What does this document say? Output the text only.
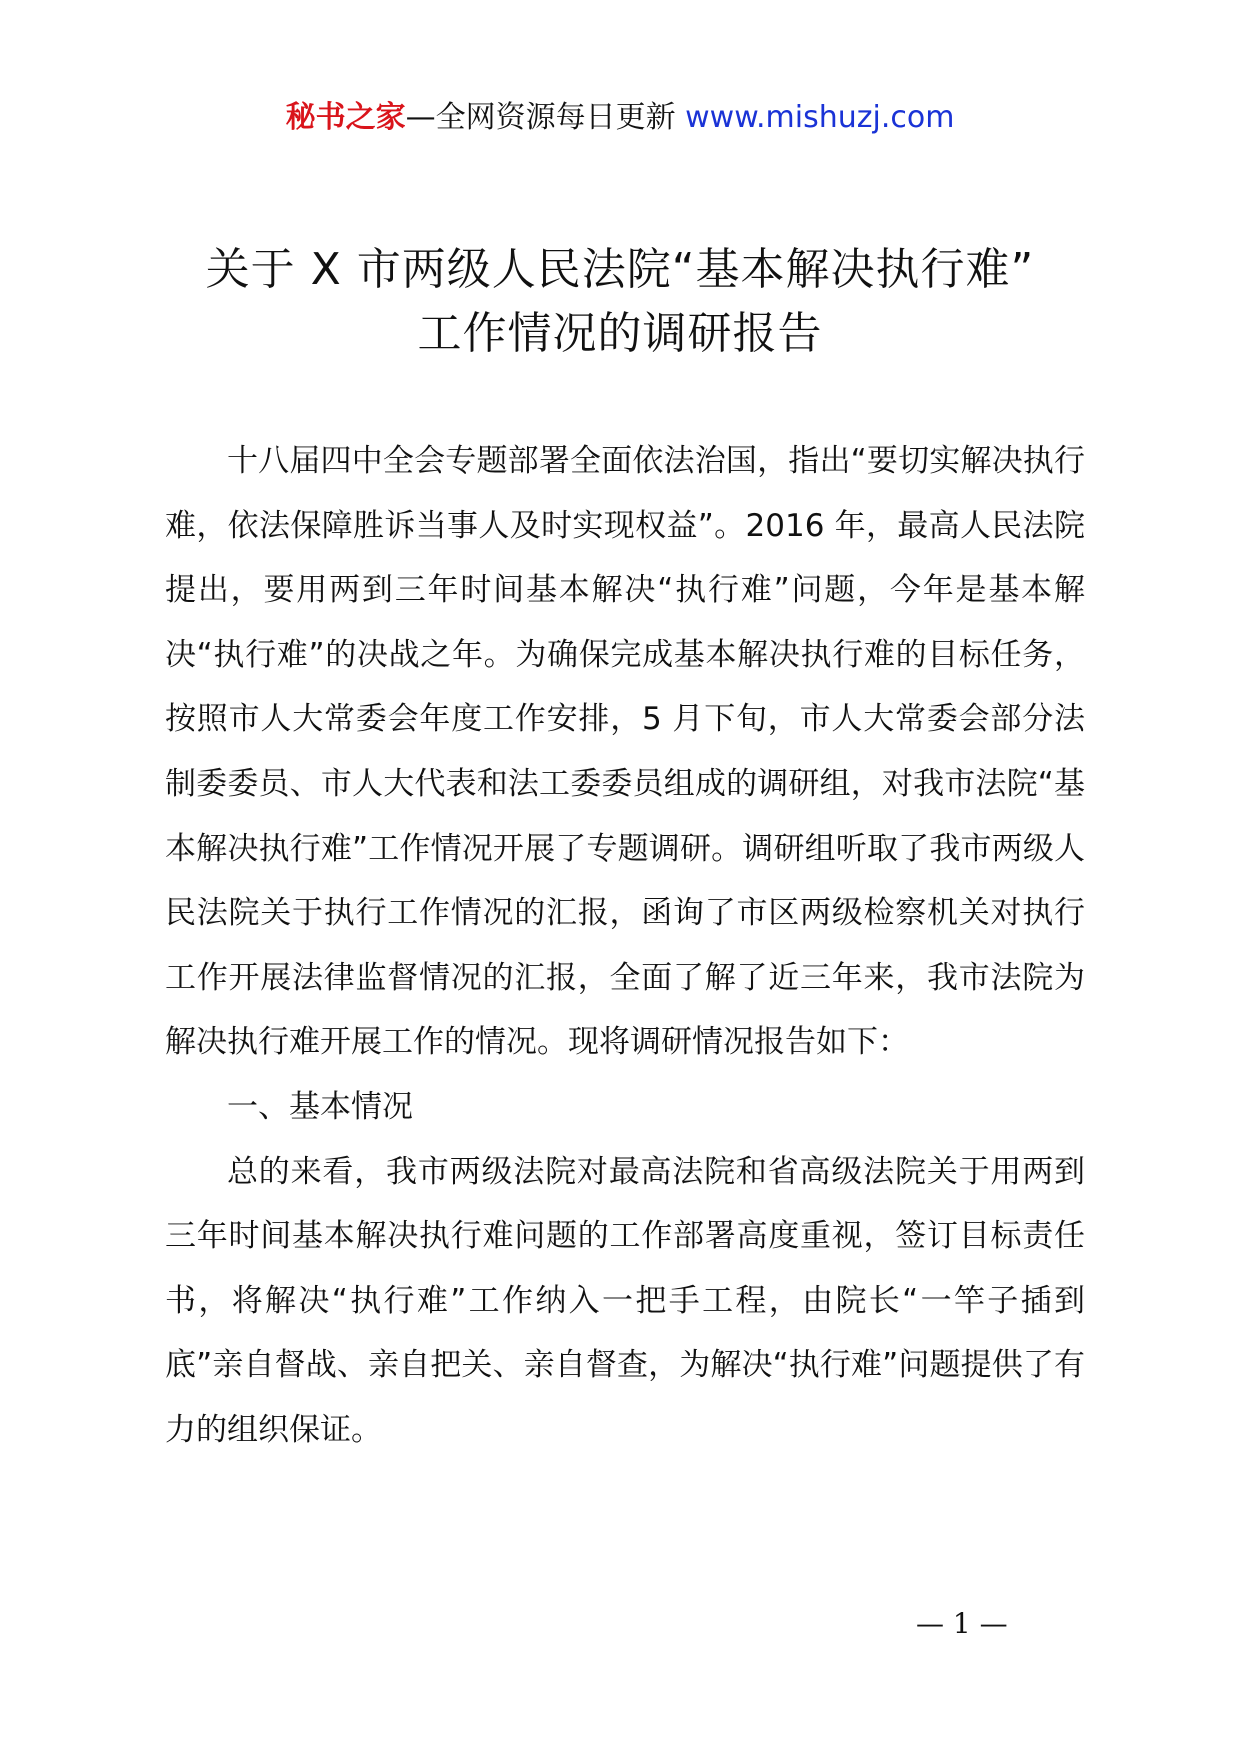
秘书之家—全网资源每日更新 www.mishuzj.com
关于 X 市两级人民法院“基本解决执行难”
工作情况的调研报告

十八届四中全会专题部署全面依法治国，指出“要切实解决执行难，依法保障胜诉当事人及时实现权益”。2016 年，最高人民法院提出，要用两到三年时间基本解决“执行难”问题，今年是基本解决“执行难”的决战之年。为确保完成基本解决执行难的目标任务，按照市人大常委会年度工作安排，5 月下旬，市人大常委会部分法制委委员、市人大代表和法工委委员组成的调研组，对我市法院“基本解决执行难”工作情况开展了专题调研。调研组听取了我市两级人民法院关于执行工作情况的汇报，函询了市区两级检察机关对执行工作开展法律监督情况的汇报，全面了解了近三年来，我市法院为解决执行难开展工作的情况。现将调研情况报告如下：

一、基本情况

总的来看，我市两级法院对最高法院和省高级法院关于用两到三年时间基本解决执行难问题的工作部署高度重视，签订目标责任书，将解决“执行难”工作纳入一把手工程，由院长“一竿子插到底”亲自督战、亲自把关、亲自督查，为解决“执行难”问题提供了有力的组织保证。

— 1 —
